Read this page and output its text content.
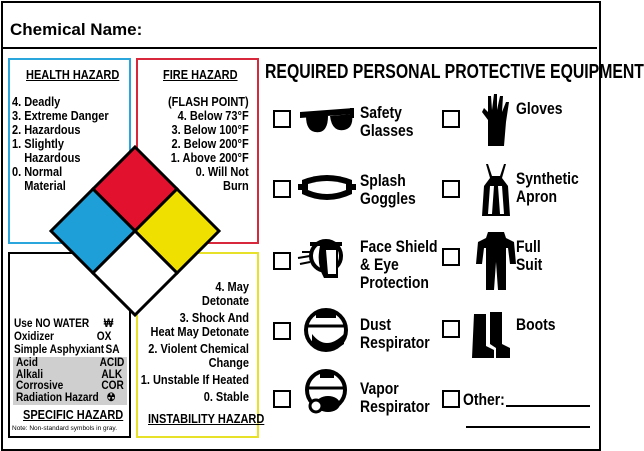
Chemical Name:
HEALTH HAZARD
4. Deadly
3. Extreme Danger
2. Hazardous
1. Slightly
Hazardous
0. Normal
Material
FIRE HAZARD
(FLASH POINT)
4. Below 73°F
3. Below 100°F
2. Below 200°F
1. Above 200°F
0. Will Not
Burn
Use NO WATER ₩
Oxidizer	OX
Simple Asphyxiant SA
Acid	ACID
Alkali	ALK
Corrosive	COR
Radiation Hazard ☢
SPECIFIC HAZARD
Note: Non-standard symbols in gray.
4. May
Detonate
3. Shock And
Heat May Detonate
2. Violent Chemical
Change
1. Unstable If Heated
0. Stable
INSTABILITY HAZARD
REQUIRED PERSONAL PROTECTIVE EQUIPMENT
Safety
Glasses
Splash
Goggles
Face Shield
& Eye
Protection
Dust
Respirator
Vapor
Respirator
Gloves
Synthetic
Apron
Full
Suit
Boots
Other:
